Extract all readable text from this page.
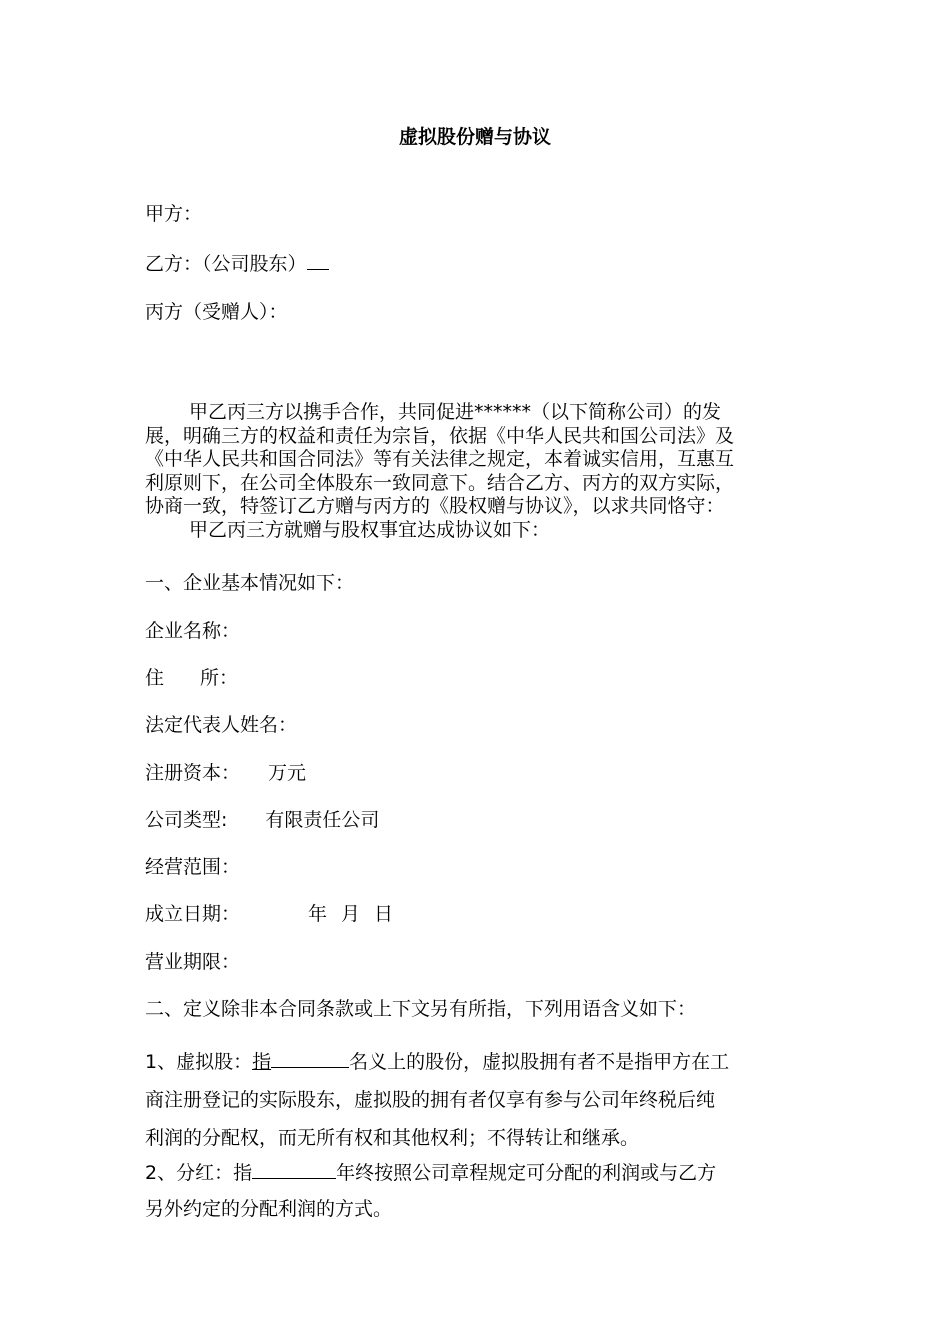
虚拟股份赠与协议
甲方：
乙方：（公司股东）
丙方（受赠人）：
甲乙丙三方以携手合作，共同促进******（以下简称公司）的发
展，明确三方的权益和责任为宗旨，依据《中华人民共和国公司法》及
《中华人民共和国合同法》等有关法律之规定，本着诚实信用，互惠互
利原则下，在公司全体股东一致同意下。结合乙方、丙方的双方实际，
协商一致，特签订乙方赠与丙方的《股权赠与协议》，以求共同恪守：
甲乙丙三方就赠与股权事宜达成协议如下：
一、企业基本情况如下：
企业名称：
住 所：
法定代表人姓名：
注册资本： 万元
公司类型: 有限责任公司
经营范围：
成立日期：	年 月 日
营业期限：
二、定义除非本合同条款或上下文另有所指，下列用语含义如下：
1、虚拟股：指	名义上的股份，虚拟股拥有者不是指甲方在工
商注册登记的实际股东，虚拟股的拥有者仅享有参与公司年终税后纯
利润的分配权，而无所有权和其他权利；不得转让和继承。
2、分红：指	年终按照公司章程规定可分配的利润或与乙方
另外约定的分配利润的方式。
